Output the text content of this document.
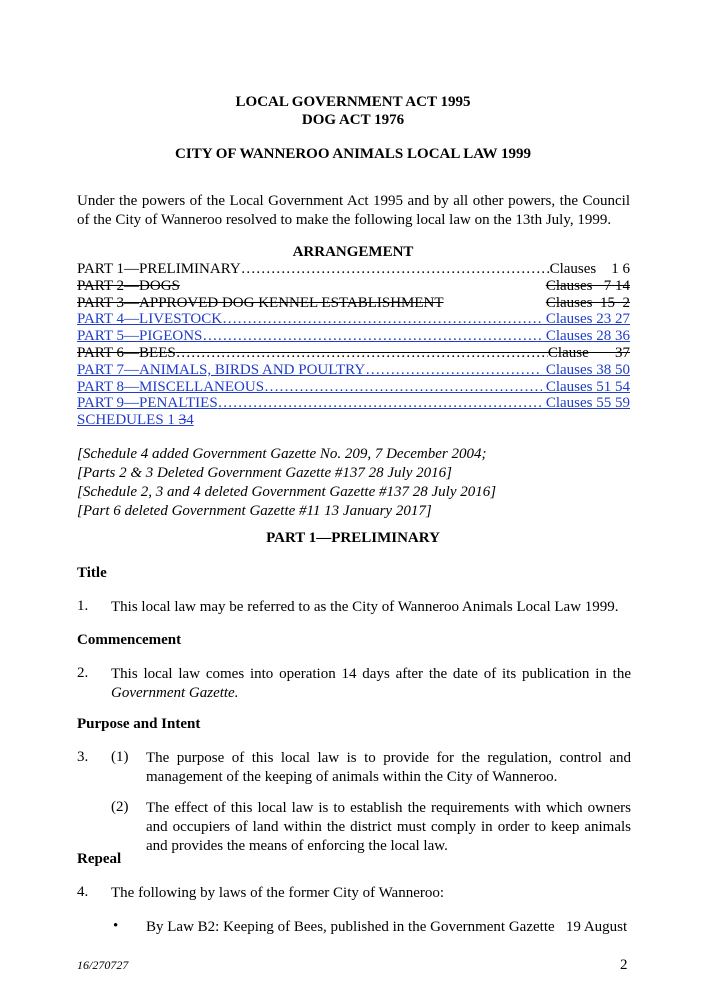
LOCAL GOVERNMENT ACT 1995
DOG ACT 1976
CITY OF WANNEROO ANIMALS LOCAL LAW 1999
Under the powers of the Local Government Act 1995 and by all other powers, the Council of the City of Wanneroo resolved to make the following local law on the 13th July, 1999.
ARRANGEMENT
PART 1—PRELIMINARY ……………………………………………………………………………………………………………………	Clauses    1 6
PART 2—DOGS	Clauses   7 14
PART 3—APPROVED DOG KENNEL ESTABLISHMENT	Clauses  15  2
PART 4—LIVESTOCK ……………………………………………………………………………………………………………………	Clauses 23 27
PART 5—PIGEONS ……………………………………………………………………………………………………………………	Clauses 28 36
PART 6—BEES ……………………………………………………………………………………………………………………	Clause       37
PART 7—ANIMALS, BIRDS AND POULTRY ……………………………………………………………………………………………………………………	Clauses 38 50
PART 8—MISCELLANEOUS ……………………………………………………………………………………………………………………	Clauses 51 54
PART 9—PENALTIES ……………………………………………………………………………………………………………………	Clauses 55 59
SCHEDULES 1 34
[Schedule 4 added Government Gazette No. 209, 7 December 2004;
[Parts 2 & 3 Deleted Government Gazette #137 28 July 2016]
[Schedule 2, 3 and 4 deleted Government Gazette #137 28 July 2016]
[Part 6 deleted Government Gazette #11 13 January 2017]
PART 1—PRELIMINARY
Title
1. This local law may be referred to as the City of Wanneroo Animals Local Law 1999.
Commencement
2. This local law comes into operation 14 days after the date of its publication in the Government Gazette.
Purpose and Intent
3. (1) The purpose of this local law is to provide for the regulation, control and management of the keeping of animals within the City of Wanneroo.
(2) The effect of this local law is to establish the requirements with which owners and occupiers of land within the district must comply in order to keep animals and provides the means of enforcing the local law.
Repeal
4. The following by laws of the former City of Wanneroo:
• By Law B2: Keeping of Bees, published in the Government Gazette   19 August
16/270727	2
